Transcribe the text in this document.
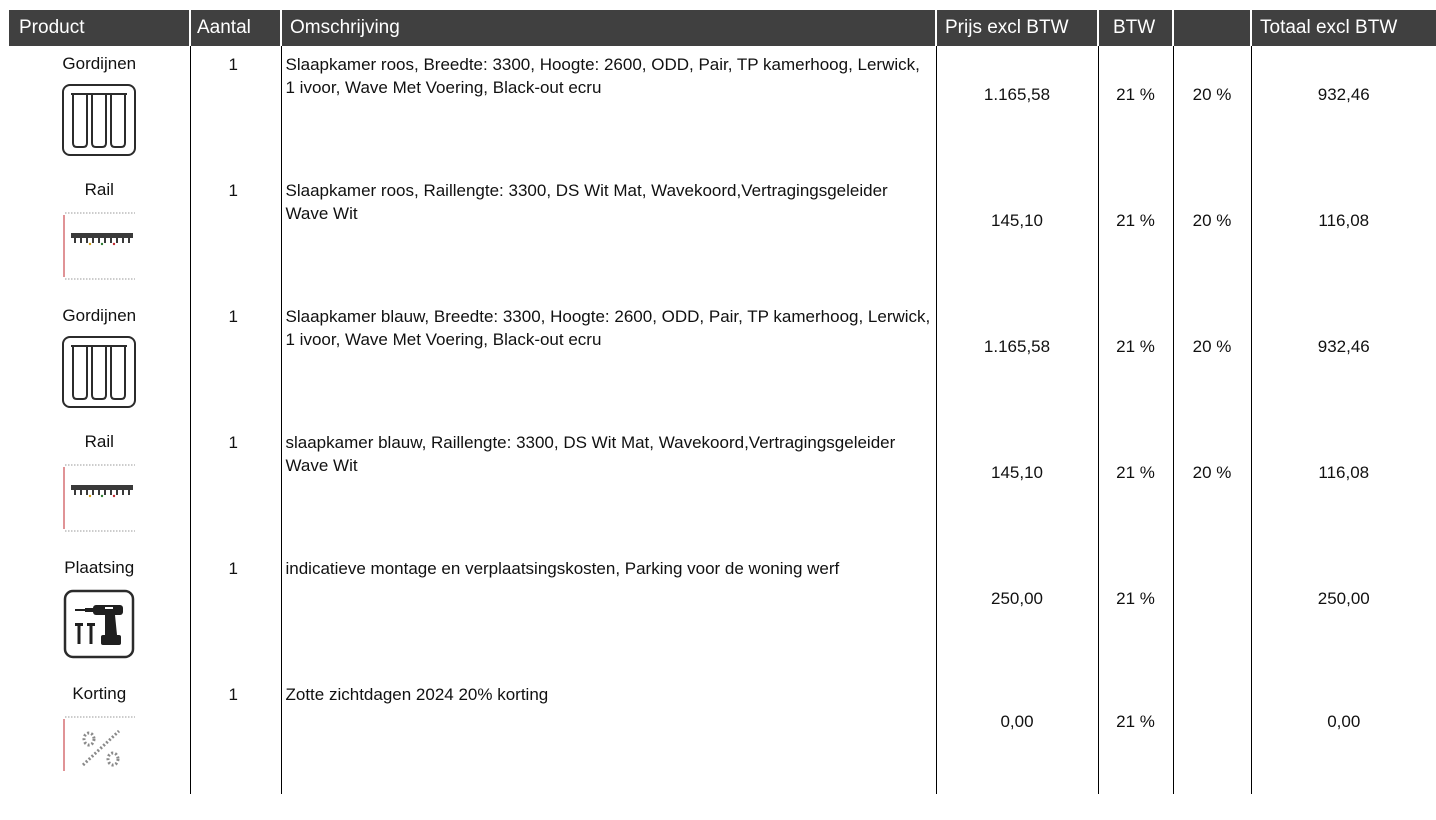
Product	Aantal	Omschrijving	Prijs excl BTW	BTW		Totaal excl BTW

Gordijnen	1	Slaapkamer roos, Breedte: 3300, Hoogte: 2600, ODD, Pair, TP kamerhoog, Lerwick, 1 ivoor, Wave Met Voering, Black-out ecru	1.165,58	21 %	20 %	932,46

Rail	1	Slaapkamer roos, Raillengte: 3300, DS Wit Mat, Wavekoord,Vertragingsgeleider Wave Wit	145,10	21 %	20 %	116,08

Gordijnen	1	Slaapkamer blauw, Breedte: 3300, Hoogte: 2600, ODD, Pair, TP kamerhoog, Lerwick, 1 ivoor, Wave Met Voering, Black-out ecru	1.165,58	21 %	20 %	932,46

Rail	1	slaapkamer blauw, Raillengte: 3300, DS Wit Mat, Wavekoord,Vertragingsgeleider Wave Wit	145,10	21 %	20 %	116,08

Plaatsing	1	indicatieve montage en verplaatsingskosten, Parking voor de woning werf	250,00	21 %		250,00

Korting	1	Zotte zichtdagen 2024 20% korting	0,00	21 %		0,00
